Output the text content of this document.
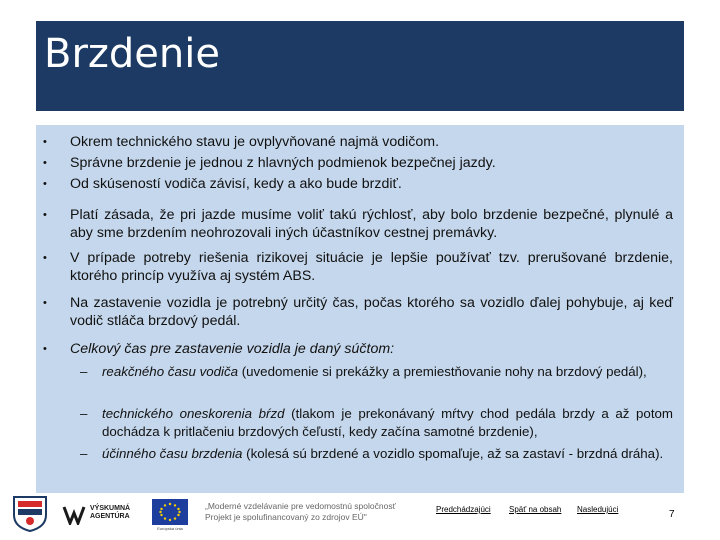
Brzdenie
• Okrem technického stavu je ovplyvňované najmä vodičom.
• Správne brzdenie je jednou z hlavných podmienok bezpečnej jazdy.
• Od skúseností vodiča závisí, kedy a ako bude brzdiť.
• Platí zásada, že pri jazde musíme voliť takú rýchlosť, aby bolo brzdenie bezpečné, plynulé a aby sme brzdením neohrozovali iných účastníkov cestnej premávky.
• V prípade potreby riešenia rizikovej situácie je lepšie používať tzv. prerušované brzdenie, ktorého princíp využíva aj systém ABS.
• Na zastavenie vozidla je potrebný určitý čas, počas ktorého sa vozidlo ďalej pohybuje, aj keď vodič stláča brzdový pedál.
• Celkový čas pre zastavenie vozidla je daný súčtom:
– reakčného času vodiča (uvedomenie si prekážky a premiestňovanie nohy na brzdový pedál),
– technického oneskorenia bŕzd (tlakom je prekonávaný mŕtvy chod pedála brzdy a až potom dochádza k pritlačeniu brzdových čeľustí, kedy začína samotné brzdenie),
– účinného času brzdenia (kolesá sú brzdené a vozidlo spomaľuje, až sa zastaví - brzdná dráha).
VÝSKUMNÁ AGENTÚRA
Európska únia
„Moderné vzdelávanie pre vedomostnú spoločnosť
Projekt je spolufinancovaný zo zdrojov EÚ"
Predchádzajúci Späť na obsah Nasledujúci	7
